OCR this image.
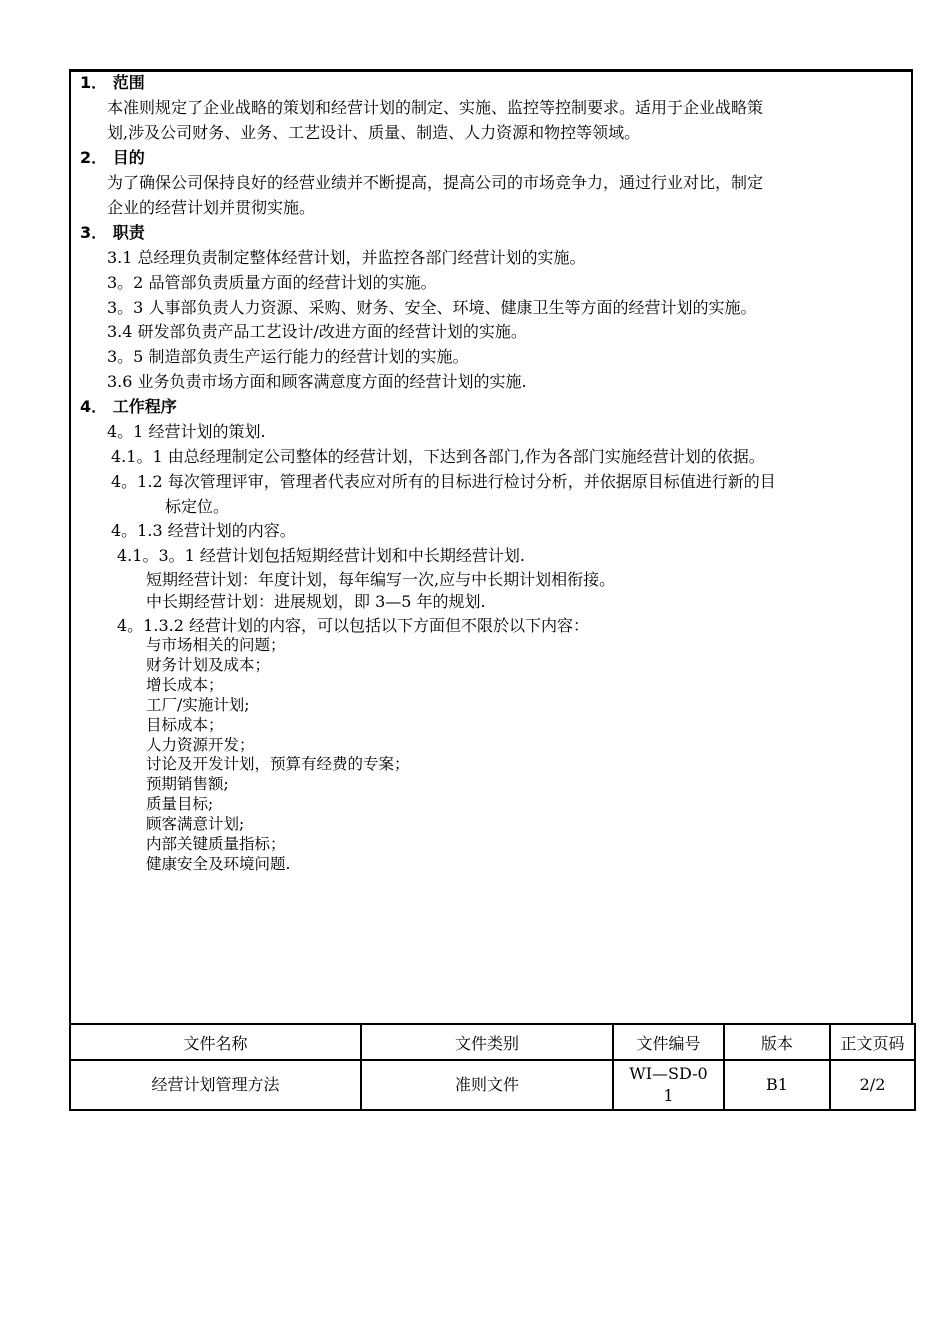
1． 范围
本准则规定了企业战略的策划和经营计划的制定、实施、监控等控制要求。适用于企业战略策
划,涉及公司财务、业务、工艺设计、质量、制造、人力资源和物控等领域。
2． 目的
为了确保公司保持良好的经营业绩并不断提高，提高公司的市场竞争力，通过行业对比，制定
企业的经营计划并贯彻实施。
3． 职责
3.1 总经理负责制定整体经营计划，并监控各部门经营计划的实施。
3。2 品管部负责质量方面的经营计划的实施。
3。3 人事部负责人力资源、采购、财务、安全、环境、健康卫生等方面的经营计划的实施。
3.4 研发部负责产品工艺设计/改进方面的经营计划的实施。
3。5 制造部负责生产运行能力的经营计划的实施。
3.6 业务负责市场方面和顾客满意度方面的经营计划的实施.
4． 工作程序
4。1 经营计划的策划.
4.1。1 由总经理制定公司整体的经营计划，下达到各部门,作为各部门实施经营计划的依据。
4。1.2 每次管理评审，管理者代表应对所有的目标进行检讨分析，并依据原目标值进行新的目
标定位。
4。1.3 经营计划的内容。
4.1。3。1 经营计划包括短期经营计划和中长期经营计划.
短期经营计划：年度计划，每年编写一次,应与中长期计划相衔接。
中长期经营计划：进展规划，即 3—5 年的规划.
4。1.3.2 经营计划的内容，可以包括以下方面但不限於以下内容：
与市场相关的问题；
财务计划及成本；
增长成本；
工厂/实施计划;
目标成本；
人力资源开发；
讨论及开发计划，预算有经费的专案；
预期销售额;
质量目标;
顾客满意计划;
内部关键质量指标；
健康安全及环境问题.
文件名称	文件类别	文件编号	版本	正文页码
经营计划管理方法	准则文件	WI—SD-01	B1	2/2
